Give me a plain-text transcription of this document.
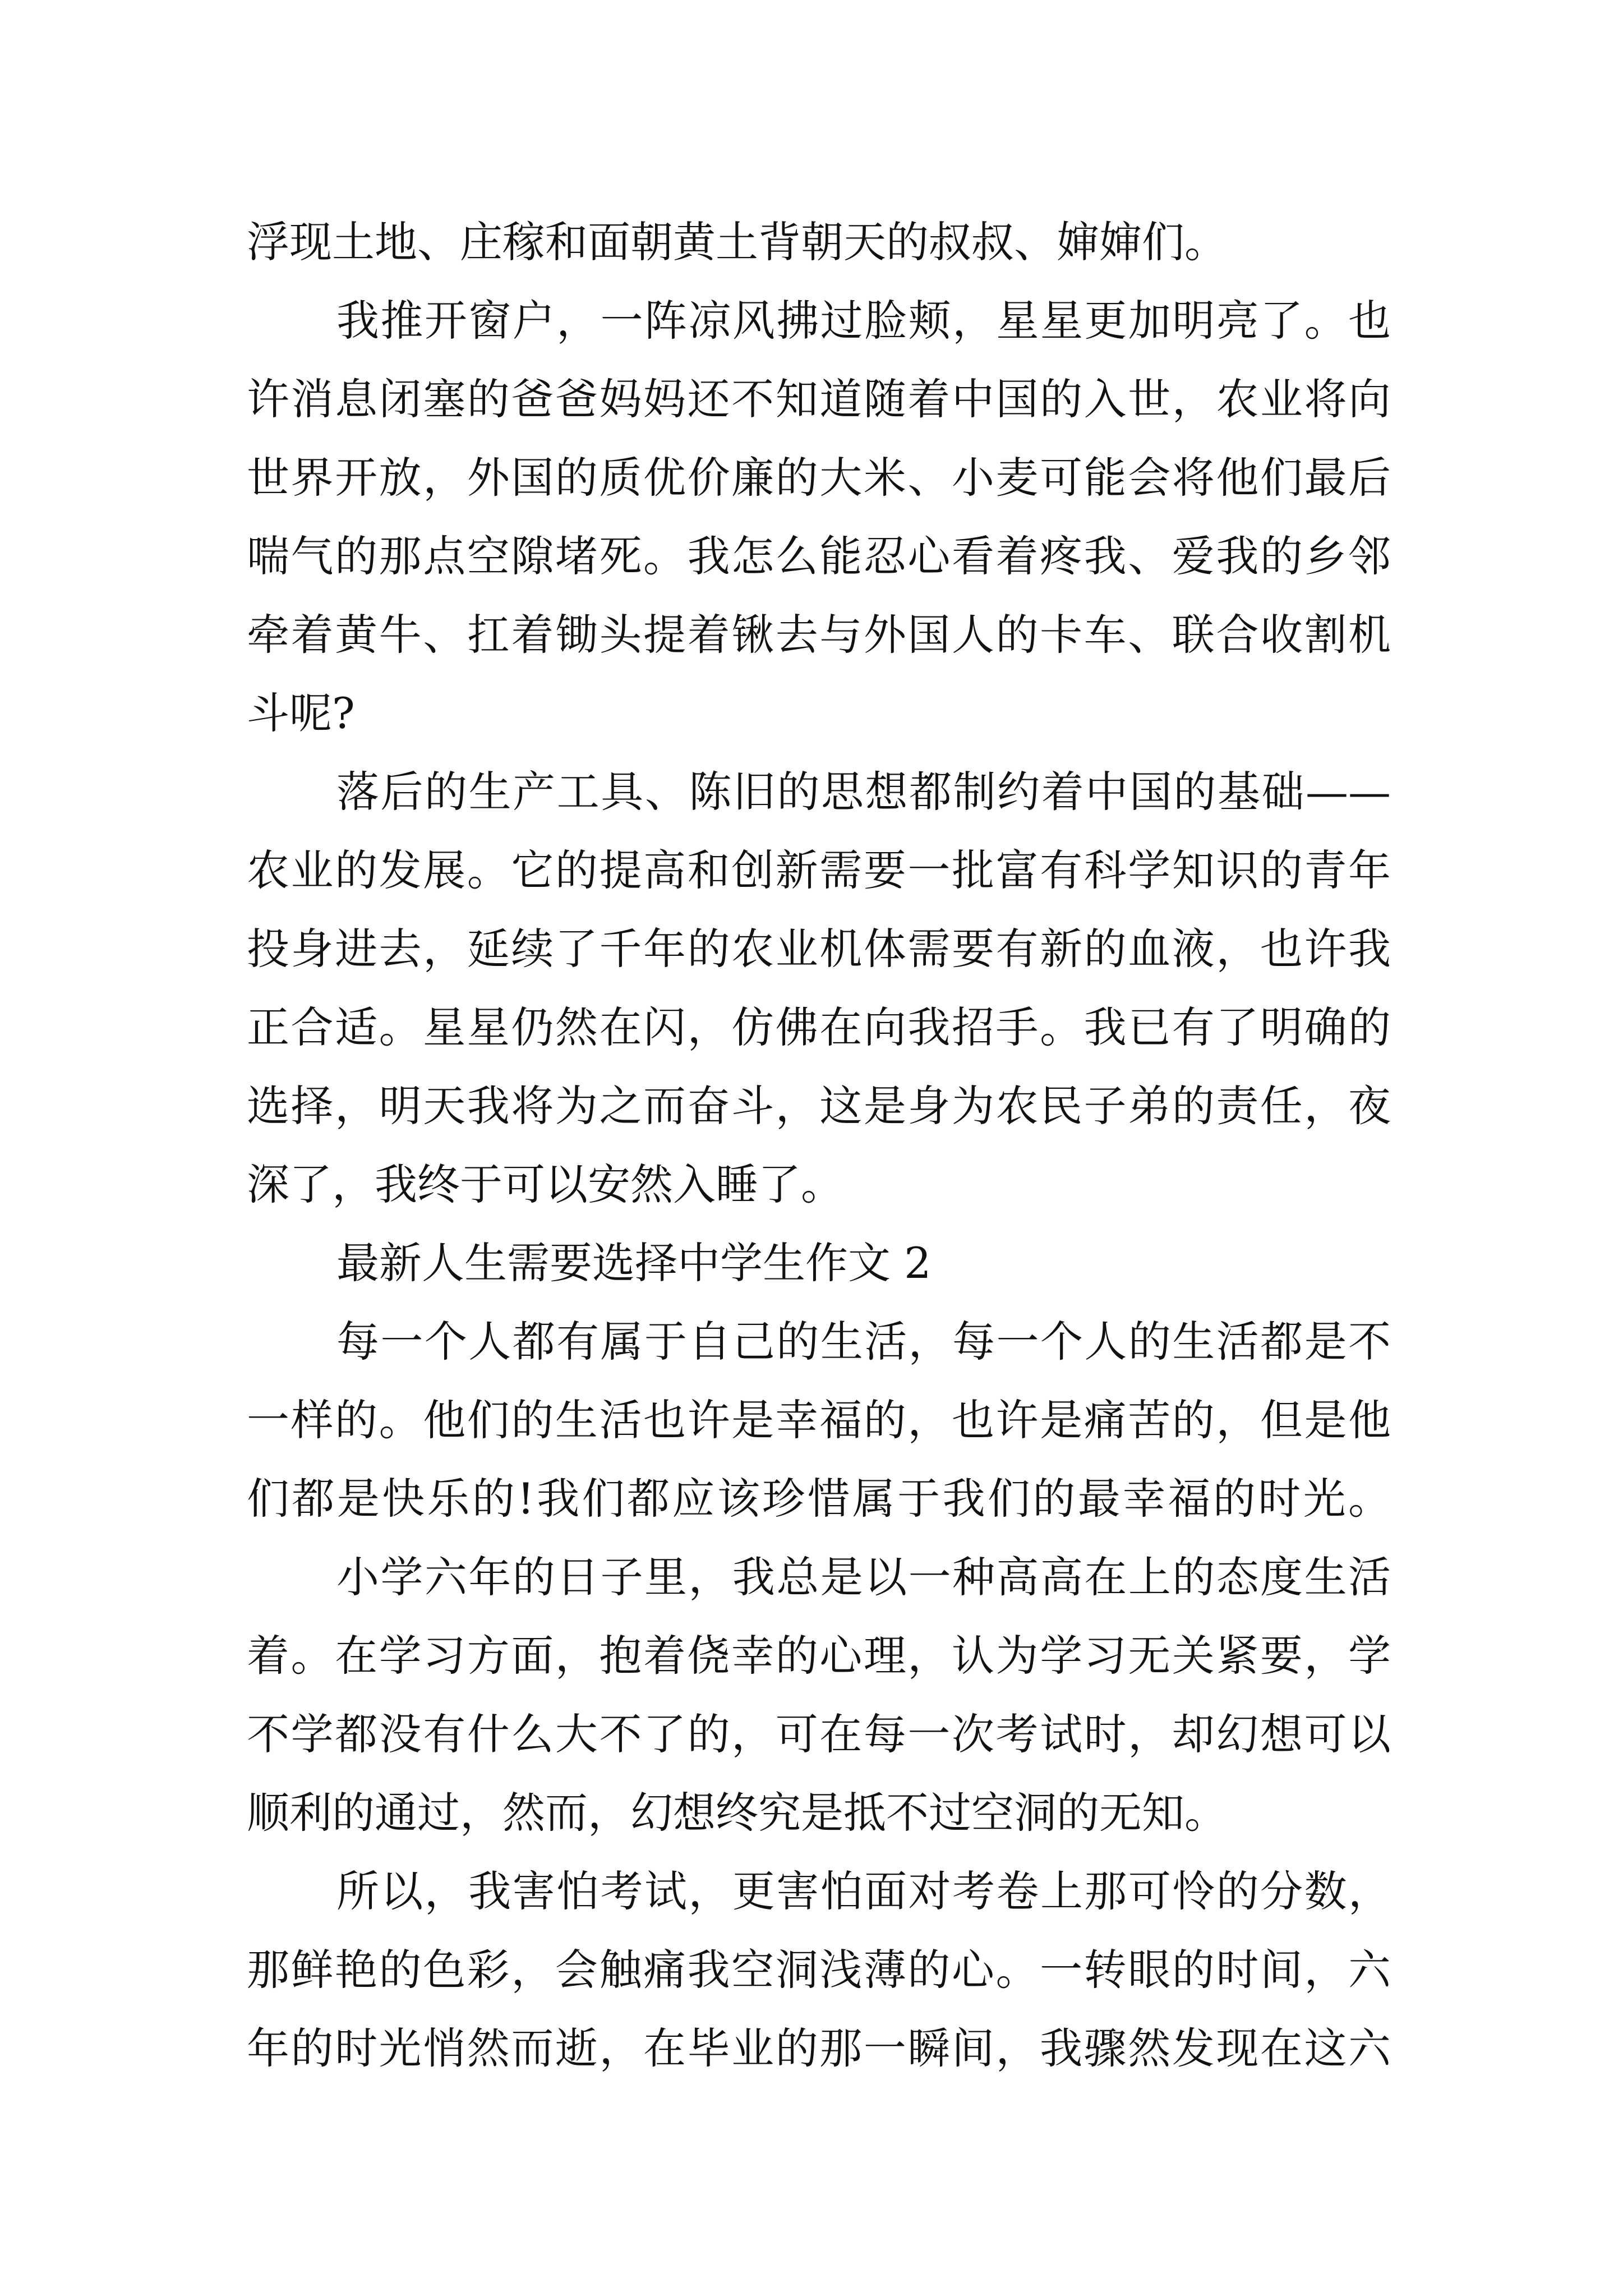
浮现土地、庄稼和面朝黄土背朝天的叔叔、婶婶们。
我推开窗户，一阵凉风拂过脸颊，星星更加明亮了。也
许消息闭塞的爸爸妈妈还不知道随着中国的入世，农业将向
世界开放，外国的质优价廉的大米、小麦可能会将他们最后
喘气的那点空隙堵死。我怎么能忍心看着疼我、爱我的乡邻
牵着黄牛、扛着锄头提着锹去与外国人的卡车、联合收割机
斗呢?
落后的生产工具、陈旧的思想都制约着中国的基础——
农业的发展。它的提高和创新需要一批富有科学知识的青年
投身进去，延续了千年的农业机体需要有新的血液，也许我
正合适。星星仍然在闪，仿佛在向我招手。我已有了明确的
选择，明天我将为之而奋斗，这是身为农民子弟的责任，夜
深了，我终于可以安然入睡了。
最新人生需要选择中学生作文 2
每一个人都有属于自己的生活，每一个人的生活都是不
一样的。他们的生活也许是幸福的，也许是痛苦的，但是他
们都是快乐的!我们都应该珍惜属于我们的最幸福的时光。
小学六年的日子里，我总是以一种高高在上的态度生活
着。在学习方面，抱着侥幸的心理，认为学习无关紧要，学
不学都没有什么大不了的，可在每一次考试时，却幻想可以
顺利的通过，然而，幻想终究是抵不过空洞的无知。
所以，我害怕考试，更害怕面对考卷上那可怜的分数，
那鲜艳的色彩，会触痛我空洞浅薄的心。一转眼的时间，六
年的时光悄然而逝，在毕业的那一瞬间，我骤然发现在这六
